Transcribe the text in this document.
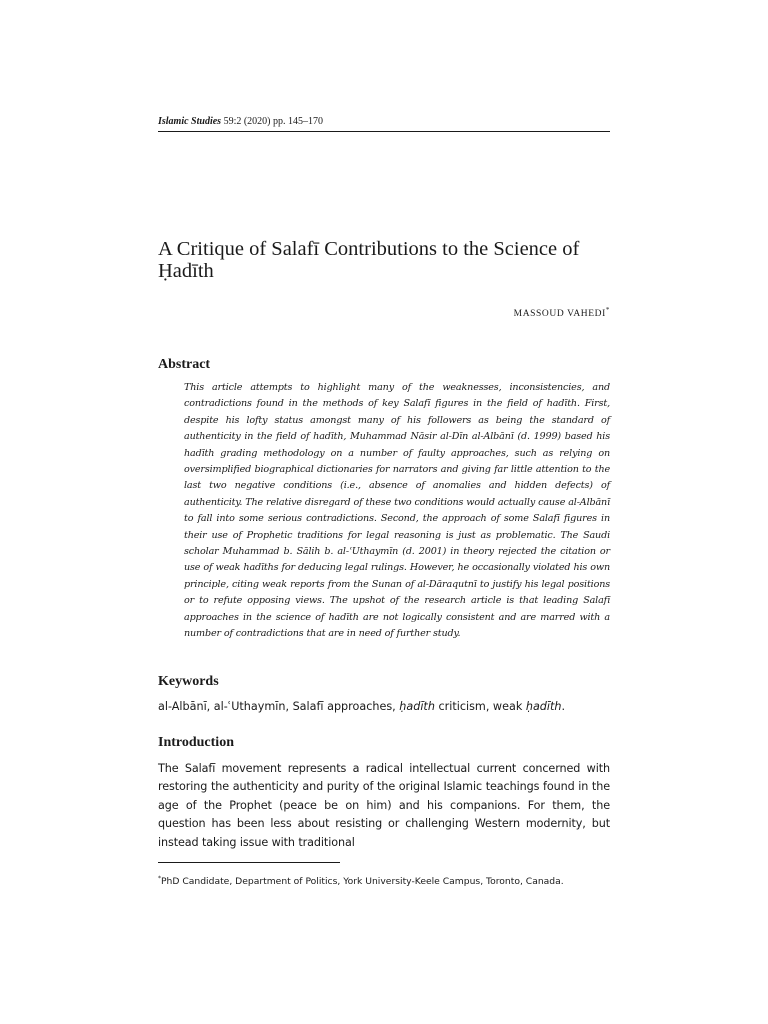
Islamic Studies 59:2 (2020) pp. 145–170
A Critique of Salafī Contributions to the Science of Ḥadīth
MASSOUD VAHEDI*
Abstract

This article attempts to highlight many of the weaknesses, inconsistencies, and contradictions found in the methods of key Salafī figures in the field of hadīth. First, despite his lofty status amongst many of his followers as being the standard of authenticity in the field of hadīth, Muhammad Nāsir al-Dīn al-Albānī (d. 1999) based his hadīth grading methodology on a number of faulty approaches, such as relying on oversimplified biographical dictionaries for narrators and giving far little attention to the last two negative conditions (i.e., absence of anomalies and hidden defects) of authenticity. The relative disregard of these two conditions would actually cause al-Albānī to fall into some serious contradictions. Second, the approach of some Salafī figures in their use of Prophetic traditions for legal reasoning is just as problematic. The Saudi scholar Muhammad b. Sālih b. al-ʿUthaymīn (d. 2001) in theory rejected the citation or use of weak hadīths for deducing legal rulings. However, he occasionally violated his own principle, citing weak reports from the Sunan of al-Dāraqutnī to justify his legal positions or to refute opposing views. The upshot of the research article is that leading Salafī approaches in the science of hadīth are not logically consistent and are marred with a number of contradictions that are in need of further study.

Keywords

al-Albānī, al-ʿUthaymīn, Salafī approaches, ḥadīth criticism, weak ḥadīth.

Introduction

The Salafī movement represents a radical intellectual current concerned with restoring the authenticity and purity of the original Islamic teachings found in the age of the Prophet (peace be on him) and his companions. For them, the question has been less about resisting or challenging Western modernity, but instead taking issue with traditional

*PhD Candidate, Department of Politics, York University-Keele Campus, Toronto, Canada.
